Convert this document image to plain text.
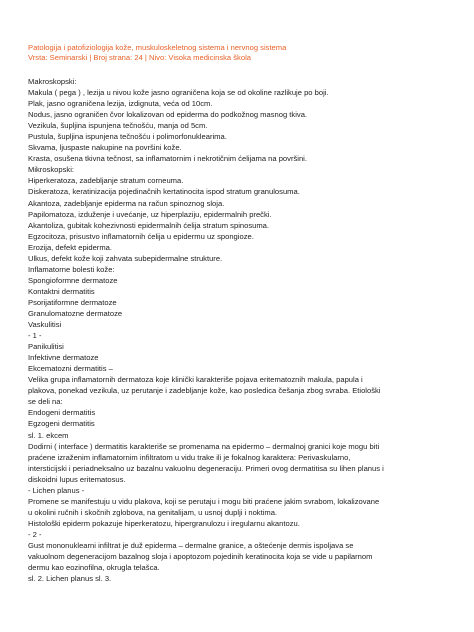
Patologija i patofiziologija kože, muskuloskeletnog sistema i nervnog sistema
Vrsta: Seminarski | Broj strana: 24 | Nivo: Visoka medicinska škola
Makroskopski:
Makula ( pega ) , lezija u nivou kože jasno ograničena koja se od okoline razlikuje po boji.
Plak, jasno ograničena lezija, izdignuta, veća od 10cm.
Nodus, jasno ograničen čvor lokalizovan od epiderma do podkožnog masnog tkiva.
Vezikula, šupljina ispunjena tečnošću, manja od 5cm.
Pustula, šupljina ispunjena tečnošću i polimorfonuklearima.
Skvama, ljuspaste nakupine na površini kože.
Krasta, osušena tkivna tečnost, sa inflamatornim i nekrotičnim ćelijama na površini.
Mikroskopski:
Hiperkeratoza, zadebljanje stratum corneuma.
Diskeratoza, keratinizacija pojedinačnih kertatinocita ispod stratum granulosuma.
Akantoza, zadebljanje epiderma na račun spinoznog sloja.
Papilomatoza, izduženje i uvećanje, uz hiperplaziju, epidermalnih prečki.
Akantoliza, gubitak kohezivnosti epidermalnih ćelija stratum spinosuma.
Egzocitoza, prisustvo inflamatornih ćelija u epidermu uz spongioze.
Erozija, defekt epiderma.
Ulkus, defekt kože koji zahvata subepidermalne strukture.
Inflamatorne bolesti kože:
Spongioformne dermatoze
Kontaktni dermatitis
Psorijatiformne dermatoze
Granulomatozne dermatoze
Vaskulitisi
- 1 -
Panikulitisi
Infektivne dermatoze
Ekcematozni dermatitis –
Velika grupa inflamatornih dermatoza koje klinički karakteriše pojava eritematoznih makula, papula i
plakova, ponekad vezikula, uz perutanje i zadebljanje kože, kao posledica češanja zbog svraba. Etiološki
se deli na:
Endogeni dermatitis
Egzogeni dermatitis
sl. 1. ekcem
Dodirni ( interface ) dermatitis karakteriše se promenama na epidermo – dermalnoj granici koje mogu biti
praćene izraženim inflamatornim infiltratom u vidu trake ili je fokalnog karaktera: Perivaskularno,
intersticijski i periadneksalno uz bazalnu vakuolnu degeneraciju. Primeri ovog dermatitisa su lihen planus i
diskoidni lupus eritematosus.
- Lichen planus -
Promene se manifestuju u vidu plakova, koji se perutaju i mogu biti praćene jakim svrabom, lokalizovane
u okolini ručnih i skočnih zglobova, na genitalijam, u usnoj duplji i noktima.
Histološki epiderm pokazuje hiperkeratozu, hipergranulozu i iregularnu akantozu.
- 2 -
Gust mononuklearni infiltrat je duž epiderma – dermalne granice, a oštećenje dermis ispoljava se
vakuolnom degeneracijom bazalnog sloja i apoptozom pojedinih keratinocita koja se vide u papilarnom
dermu kao eozinofilna, okrugla telašca.
sl. 2. Lichen planus sl. 3.
